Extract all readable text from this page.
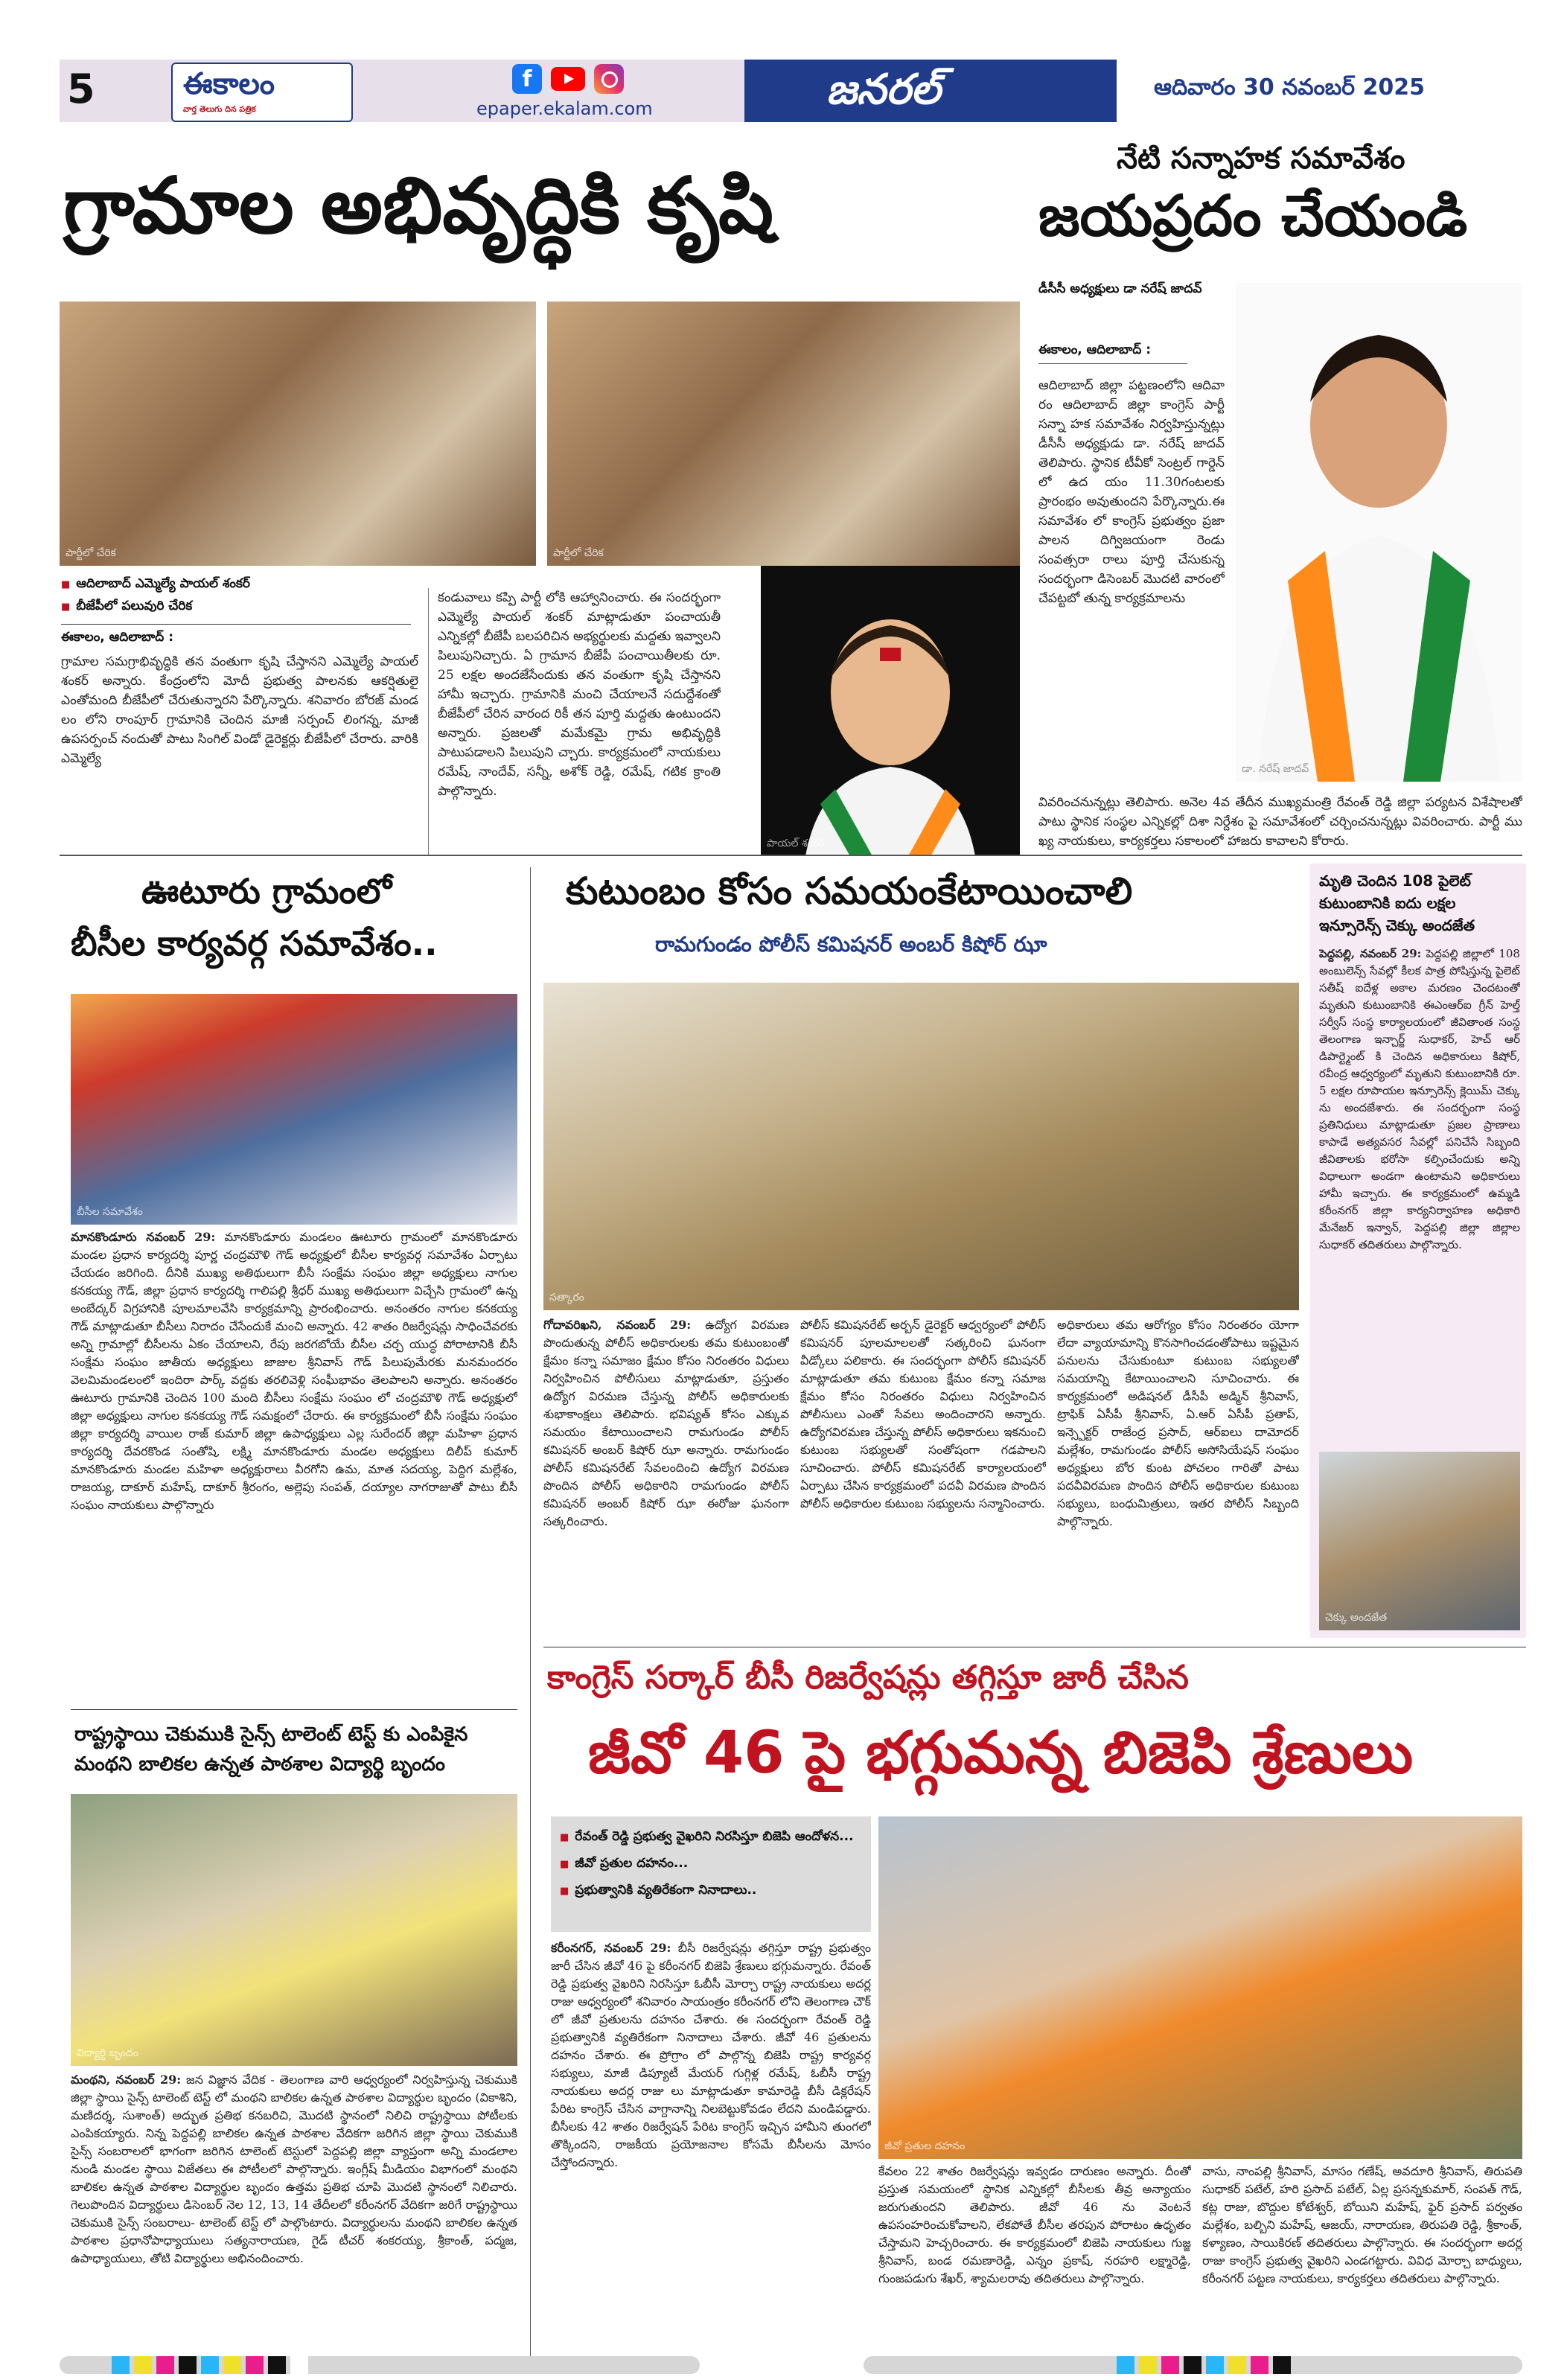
5	ఈకాలం
వార్త తెలుగు దిన పత్రిక
f
epaper.ekalam.com	జనరల్	ఆదివారం 30 నవంబర్ 2025
గ్రామాల అభివృద్ధికి కృషి
పార్టీలో చేరిక	పార్టీలో చేరిక
■ ఆదిలాబాద్ ఎమ్మెల్యే పాయల్ శంకర్
■ బీజేపీలో పలువురి చేరిక
ఈకాలం, ఆదిలాబాద్ :

గ్రామాల సమగ్రాభివృద్ధికి తన వంతుగా కృషి చేస్తానని ఎమ్మెల్యే పాయల్ శంకర్ అన్నారు. కేంద్రంలోని మోదీ ప్రభుత్వ పాలనకు ఆకర్షితులై ఎంతోమంది బీజేపీలో చేరుతున్నారని పేర్కొన్నారు. శనివారం బోరజ్ మండ లం లోని రాంపూర్ గ్రామానికి చెందిన మాజీ సర్పంచ్ లింగన్న, మాజీ ఉపసర్పంచ్ నందుతో పాటు సింగిల్ విండో డైరెక్టర్లు బీజేపీలో చేరారు. వారికి ఎమ్మెల్యే

కండువాలు కప్పి పార్టీ లోకి ఆహ్వానించారు. ఈ సందర్భంగా ఎమ్మెల్యే పాయల్ శంకర్ మాట్లాడుతూ పంచాయతీ ఎన్నికల్లో బీజేపీ బలపరిచిన అభ్యర్థులకు మద్దతు ఇవ్వాలని పిలుపునిచ్చారు. ఏ గ్రామాన బీజేపీ పంచాయితీలకు రూ. 25 లక్షల అందజేసేందుకు తన వంతుగా కృషి చేస్తానని హామీ ఇచ్చారు. గ్రామానికి మంచి చేయాలనే సదుద్దేశంతో బీజేపీలో చేరిన వారంద రికీ తన పూర్తి మద్దతు ఉంటుందని అన్నారు. ప్రజలతో మమేకమై గ్రామ అభివృద్ధికి పాటుపడాలని పిలుపుని చ్చారు. కార్యక్రమంలో నాయకులు రమేష్, నాందేవ్, సన్నీ, అశోక్ రెడ్డి, రమేష్, గటిక క్రాంతి పాల్గొన్నారు.

పాయల్ శంకర్
నేటి సన్నాహక సమావేశం
జయప్రదం చేయండి
డీసీసీ అధ్యక్షులు డా నరేష్ జాదవ్
ఈకాలం, ఆదిలాబాద్ :

ఆదిలాబాద్ జిల్లా పట్టణంలోని ఆదివా రం ఆదిలాబాద్ జిల్లా కాంగ్రెస్ పార్టీ సన్నా హక సమావేశం నిర్వహిస్తున్నట్లు డీసీసీ అధ్యక్షుడు డా. నరేష్ జాదవ్ తెలిపారు. స్థానిక టీవీకో సెంట్రల్ గార్డెన్ లో ఉద యం 11.30గంటలకు ప్రారంభం అవుతుందని పేర్కొన్నారు.ఈ సమావేశం లో కాంగ్రెస్ ప్రభుత్వం ప్రజా పాలన దిగ్విజయంగా రెండు సంవత్సరా రాలు పూర్తి చేసుకున్న సందర్భంగా డిసెంబర్ మొదటి వారంలో చేపట్టబో తున్న కార్యక్రమాలను

డా. నరేష్ జాదవ్

వివరించనున్నట్లు తెలిపారు. అనెల 4వ తేదీన ముఖ్యమంత్రి రేవంత్ రెడ్డి జిల్లా పర్యటన విశేషాలతో పాటు స్థానిక సంస్థల ఎన్నికల్లో దిశా నిర్దేశం పై సమావేశంలో చర్చించనున్నట్లు వివరించారు. పార్టీ ము ఖ్య నాయకులు, కార్యకర్తలు సకాలంలో హాజరు కావాలని కోరారు.

ఊటూరు గ్రామంలో
బీసీల కార్యవర్గ సమావేశం..
బీసీల సమావేశం

మానకొండూరు నవంబర్ 29: మానకొండూరు మండలం ఊటూరు గ్రామంలో మానకొండూరు మండల ప్రధాన కార్యదర్శి పూర్ణ చంద్రమౌళి గౌడ్ అధ్యక్షులో బీసీల కార్యవర్గ సమావేశం ఏర్పాటు చేయడం జరిగింది. దీనికి ముఖ్య అతిథులుగా బీసీ సంక్షేమ సంఘం జిల్లా అధ్యక్షులు నాగుల కనకయ్య గౌడ్, జిల్లా ప్రధాన కార్యదర్శి గాలిపల్లి శ్రీధర్ ముఖ్య అతిథులుగా విచ్చేసి గ్రామంలో ఉన్న అంబేద్కర్ విగ్రహానికి పూలమాలవేసి కార్యక్రమాన్ని ప్రారంభించారు. అనంతరం నాగుల కనకయ్య గౌడ్ మాట్లాడుతూ బీసీలు నిరాదం చేసేందుకే మంచి అన్నారు. 42 శాతం రిజర్వేషన్లు సాధించేవరకు అన్ని గ్రామాల్లో బీసీలను ఏకం చేయాలని, రేపు జరగబోయే బీసీల చర్చ యుద్ధ పోరాటానికి బీసీ సంక్షేమ సంఘం జాతీయ అధ్యక్షులు జాజుల శ్రీనివాస్ గౌడ్ పిలుపుమేరకు మనమందరం వెలమిమండలంలో ఇందిరా పార్క్ వద్దకు తరలివెళ్లి సంఘీభావం తెలపాలని అన్నారు. అనంతరం ఊటూరు గ్రామానికి చెందిన 100 మంది బీసీలు సంక్షేమ సంఘం లో చంద్రమౌళి గౌడ్ అధ్యక్షులో జిల్లా అధ్యక్షులు నాగుల కనకయ్య గౌడ్ సమక్షంలో చేరారు. ఈ కార్యక్రమంలో బీసీ సంక్షేమ సంఘం జిల్లా కార్యదర్శి వాయిల రాజ్ కుమార్ జిల్లా ఉపాధ్యక్షులు ఎల్ల సురేందర్ జిల్లా మహిళా ప్రధాన కార్యదర్శి దేవరకొండ సంతోషి, లక్ష్మి మానకొండూరు మండల అధ్యక్షులు దిలీప్ కుమార్ మానకొండూరు మండల మహిళా అధ్యక్షురాలు వీరగోని ఉమ, మాత సదయ్య, పెద్దిగ మల్లేశం, రాజయ్య, దాకూర్ మహేష్, దాకూర్ శ్రీరంగం, అల్లెపు సంపత్, దయ్యాల నాగరాజుతో పాటు బీసీ సంఘం నాయకులు పాల్గొన్నారు

కుటుంబం కోసం సమయంకేటాయించాలి
రామగుండం పోలీస్ కమిషనర్ అంబర్ కిషోర్ ఝా
సత్కారం

గోదావరిఖని, నవంబర్ 29: ఉద్యోగ విరమణ పొందుతున్న పోలీస్ అధికారులకు తమ కుటుంబంతో క్షేమం కన్నా సమాజం క్షేమం కోసం నిరంతరం విధులు నిర్వహించిన పోలీసులు మాట్లాడుతూ, ప్రస్తుతం ఉద్యోగ విరమణ చేస్తున్న పోలీస్ అధికారులకు శుభాకాంక్షలు తెలిపారు. భవిష్యత్ కోసం ఎక్కువ సమయం కేటాయించాలని రామగుండం పోలీస్ కమిషనర్ అంబర్ కిషోర్ ఝా అన్నారు. రామగుండం పోలీస్ కమిషనరేట్ సేవలందించి ఉద్యోగ విరమణ పొందిన పోలీస్ అధికారిని రామగుండం పోలీస్ కమిషనర్ అంబర్ కిషోర్ ఝా ఈరోజు ఘనంగా సత్కరించారు.

పోలీస్ కమిషనరేట్ అర్బన్ డైరెక్టర్ ఆధ్వర్యంలో పోలీస్ కమిషనర్ పూలమాలలతో సత్కరించి ఘనంగా వీడ్కోలు పలికారు. ఈ సందర్భంగా పోలీస్ కమిషనర్ మాట్లాడుతూ తమ కుటుంబ క్షేమం కన్నా సమాజ క్షేమం కోసం నిరంతరం విధులు నిర్వహించిన పోలీసులు ఎంతో సేవలు అందించారని అన్నారు. ఉద్యోగవిరమణ చేస్తున్న పోలీస్ అధికారులు ఇకనుంచి కుటుంబ సభ్యులతో సంతోషంగా గడపాలని సూచించారు. పోలీస్ కమిషనరేట్ కార్యాలయంలో ఏర్పాటు చేసిన కార్యక్రమంలో పదవీ విరమణ పొందిన పోలీస్ అధికారుల కుటుంబ సభ్యులను సన్మానించారు.

అధికారులు తమ ఆరోగ్యం కోసం నిరంతరం యోగా లేదా వ్యాయామాన్ని కొనసాగించడంతోపాటు ఇష్టమైన పనులను చేసుకుంటూ కుటుంబ సభ్యులతో సమయాన్ని కేటాయించాలని సూచించారు. ఈ కార్యక్రమంలో అడిషనల్ డీసీపీ అడ్మిన్ శ్రీనివాస్, ట్రాఫిక్ ఏసీపీ శ్రీనివాస్, ఏ.ఆర్ ఏసీపీ ప్రతాప్, ఇన్స్పెక్టర్ రాజేంద్ర ప్రసాద్, ఆర్ఐలు దామోదర్ మల్లేశం, రామగుండం పోలీస్ అసోసియేషన్ సంఘం అధ్యక్షులు బోర కుంట పోచలం గారితో పాటు పదవీవిరమణ పొందిన పోలీస్ అధికారుల కుటుంబ సభ్యులు, బంధుమిత్రులు, ఇతర పోలీస్ సిబ్బంది పాల్గొన్నారు.

మృతి చెందిన 108 పైలెట్ కుటుంబానికి ఐదు లక్షల ఇన్సూరెన్స్ చెక్కు అందజేత

పెద్దపల్లి, నవంబర్ 29: పెద్దపల్లి జిల్లాలో 108 అంబులెన్స్ సేవల్లో కీలక పాత్ర పోషిస్తున్న పైలెట్ సతీష్ ఐదేళ్ల అకాల మరణం చెందటంతో మృతుని కుటుంబానికి ఈఎంఆర్ఐ గ్రీన్ హెల్త్ సర్వీస్ సంస్థ కార్యాలయంలో జీవితాంత సంస్థ తెలంగాణ ఇన్చార్జ్ సుధాకర్, హెచ్ ఆర్ డిపార్ట్మెంట్ కి చెందిన అధికారులు కిషోర్, రవీంద్ర ఆధ్వర్యంలో మృతుని కుటుంబానికి రూ. 5 లక్షల రూపాయల ఇన్సూరెన్స్ క్లెయిమ్ చెక్కు ను అందజేశారు. ఈ సందర్భంగా సంస్థ ప్రతినిధులు మాట్లాడుతూ ప్రజల ప్రాణాలు కాపాడే అత్యవసర సేవల్లో పనిచేసే సిబ్బంది జీవితాలకు భరోసా కల్పించేందుకు అన్ని విధాలుగా అండగా ఉంటామని అధికారులు హామీ ఇచ్చారు. ఈ కార్యక్రమంలో ఉమ్మడి కరీంనగర్ జిల్లా కార్యనిర్వాహణ అధికారి మేనేజర్ ఇన్వాన్, పెద్దపల్లి జిల్లా జిల్లాల సుధాకర్ తదితరులు పాల్గొన్నారు.

చెక్కు అందజేత
రాష్ట్రస్థాయి చెకుముకి సైన్స్ టాలెంట్ టెస్ట్ కు ఎంపికైన మంథని బాలికల ఉన్నత పాఠశాల విద్యార్థి బృందం
విద్యార్థి బృందం

మంథని, నవంబర్ 29: జన విజ్ఞాన వేదిక - తెలంగాణ వారి ఆధ్వర్యంలో నిర్వహిస్తున్న చెకుముకి జిల్లా స్థాయి సైన్స్ టాలెంట్ టెస్ట్ లో మంథని బాలికల ఉన్నత పాఠశాల విద్యార్థుల బృందం (వికాశిని, మణిదర్శ, సుశాంత్) అద్భుత ప్రతిభ కనబరిచి, మొదటి స్థానంలో నిలిచి రాష్ట్రస్థాయి పోటీలకు ఎంపికయ్యారు. నిన్న పెద్దపల్లి బాలికల ఉన్నత పాఠశాల వేదికగా జరిగిన జిల్లా స్థాయి చెకుముకి సైన్స్ సంబరాలలో భాగంగా జరిగిన టాలెంట్ టెస్టులో పెద్దపల్లి జిల్లా వ్యాప్తంగా అన్ని మండలాల నుండి మండల స్థాయి విజేతలు ఈ పోటీలలో పాల్గొన్నారు. ఇంగ్లీష్ మీడియం విభాగంలో మంథని బాలికల ఉన్నత పాఠశాల విద్యార్థుల బృందం ఉత్తమ ప్రతిభ చూపి మొదటి స్థానంలో నిలిచారు. గెలుపొందిన విద్యార్థులు డిసెంబర్ నెల 12, 13, 14 తేదీలలో కరీంనగర్ వేదికగా జరిగే రాష్ట్రస్థాయి చెకుముకి సైన్స్ సంబరాలు- టాలెంట్ టెస్ట్ లో పాల్గొంటారు. విద్యార్థులను మంథని బాలికల ఉన్నత పాఠశాల ప్రధానోపాధ్యాయులు సత్యనారాయణ, గైడ్ టీచర్ శంకరయ్య, శ్రీకాంత్, పద్మజ, ఉపాధ్యాయులు, తోటి విద్యార్థులు అభినందించారు.

కాంగ్రెస్ సర్కార్ బీసీ రిజర్వేషన్లు తగ్గిస్తూ జారీ చేసిన
జీవో 46 పై భగ్గుమన్న బిజెపి శ్రేణులు
■ రేవంత్ రెడ్డి ప్రభుత్వ వైఖరిని నిరసిస్తూ బిజెపి ఆందోళన...
■ జీవో ప్రతుల దహనం...
■ ప్రభుత్వానికి వ్యతిరేకంగా నినాదాలు..

కరీంనగర్, నవంబర్ 29: బీసీ రిజర్వేషన్లు తగ్గిస్తూ రాష్ట్ర ప్రభుత్వం జారీ చేసిన జీవో 46 పై కరీంనగర్ బిజెపి శ్రేణులు భగ్గుమన్నారు. రేవంత్ రెడ్డి ప్రభుత్వ వైఖరిని నిరసిస్తూ ఓబీసీ మోర్చా రాష్ట్ర నాయకులు అదర్ల రాజు ఆధ్వర్యంలో శనివారం సాయంత్రం కరీంనగర్ లోని తెలంగాణ చౌక్ లో జీవో ప్రతులను దహనం చేశారు. ఈ సందర్భంగా రేవంత్ రెడ్డి ప్రభుత్వానికి వ్యతిరేకంగా నినాదాలు చేశారు. జీవో 46 ప్రతులను దహనం చేశారు. ఈ ప్రోగ్రాం లో పాల్గొన్న బిజెపి రాష్ట్ర కార్యవర్గ సభ్యులు, మాజీ డిప్యూటీ మేయర్ గుగ్గిళ్ల రమేష్, ఓబీసీ రాష్ట్ర నాయకులు అదర్ల రాజు లు మాట్లాడుతూ కామారెడ్డి బీసీ డిక్లరేషన్ పేరిట కాంగ్రెస్ చేసిన వాగ్దానాన్ని నిలబెట్టుకోవడం లేదని మండిపడ్డారు. బీసీలకు 42 శాతం రిజర్వేషన్ పేరిట కాంగ్రెస్ ఇచ్చిన హామీని తుంగలో తొక్కిందని, రాజకీయ ప్రయోజనాల కోసమే బీసీలను మోసం చేస్తోందన్నారు.

జీవో ప్రతుల దహనం

కేవలం 22 శాతం రిజర్వేషన్లు ఇవ్వడం దారుణం అన్నారు. దీంతో ప్రస్తుత సమయంలో స్థానిక ఎన్నికల్లో బీసీలకు తీవ్ర అన్యాయం జరుగుతుందని తెలిపారు. జీవో 46 ను వెంటనే ఉపసంహరించుకోవాలని, లేకపోతే బీసీల తరపున పోరాటం ఉధృతం చేస్తామని హెచ్చరించారు. ఈ కార్యక్రమంలో బిజెపి నాయకులు గుజ్జ శ్రీనివాస్, బండ రమణారెడ్డి, ఎన్నం ప్రకాష్, నరహరి లక్ష్మారెడ్డి, గుంజపడుగు శేఖర్, శ్యామలరావు తదితరులు పాల్గొన్నారు.

వాసు, నాంపల్లి శ్రీనివాస్, మాసం గణేష్, అవదూరి శ్రీనివాస్, తిరుపతి సుధాకర్ పటేల్, హరి ప్రసాద్ పటేల్, ఏల్ల ప్రసన్నకుమార్, సంపత్ గౌడ్, కట్ల రాజు, బొద్దుల కోటేశ్వర్, బోయిని మహేష్, ఫైర్ ప్రసాద్ పర్వతం మల్లేశం, బల్బిని మహేష్, ఆజయ్, నారాయణ, తిరుపతి రెడ్డి, శ్రీకాంత్, కళ్యాణం, సాయికిరణ్ తదితరులు పాల్గొన్నారు. ఈ సందర్భంగా అదర్ల రాజు కాంగ్రెస్ ప్రభుత్వ వైఖరిని ఎండగట్టారు. వివిధ మోర్చా బాధ్యులు, కరీంనగర్ పట్టణ నాయకులు, కార్యకర్తలు తదితరులు పాల్గొన్నారు.
